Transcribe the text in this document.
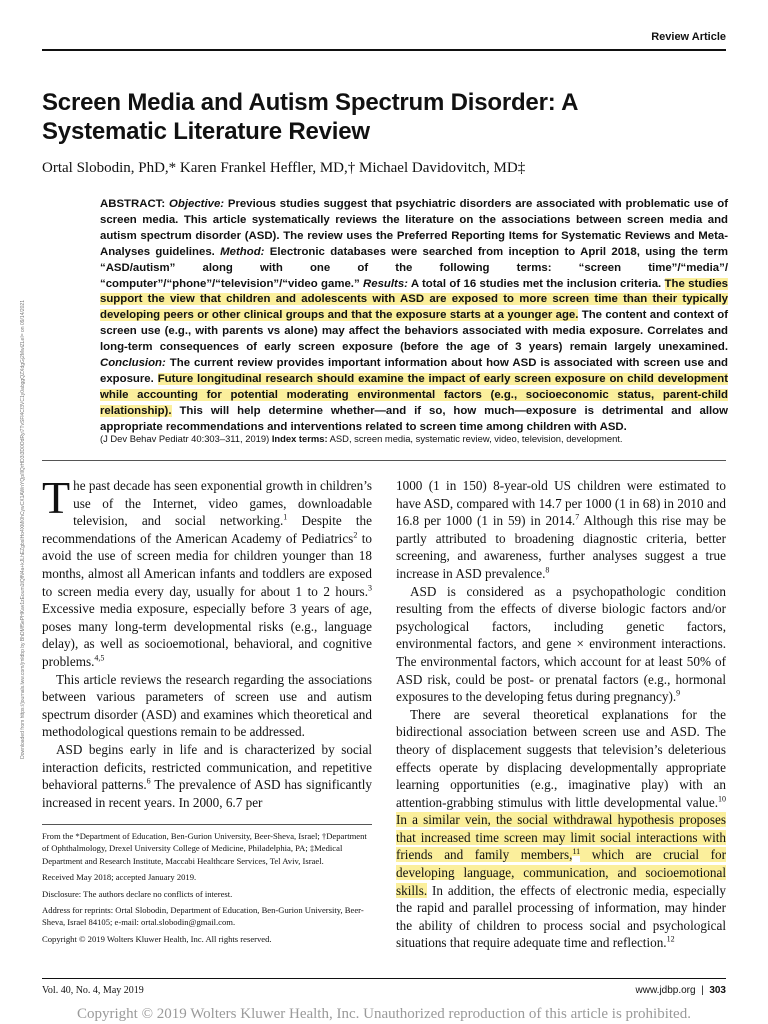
Review Article
Screen Media and Autism Spectrum Disorder: A Systematic Literature Review
Ortal Slobodin, PhD,* Karen Frankel Heffler, MD,† Michael Davidovitch, MD‡
Downloaded from https://journals.lww.com/jrnldbp by BhDMf5ePHKav1zEoum1tQfN4a+kJLhEZgbsIHo4XMi0hCywCX1AWnYQp/IlQrHD3i3D0OdRyi7TvSFl4Cf3VC1y0abggQZXdgGj2MwlZLeI= on 09/14/2021
ABSTRACT: Objective: Previous studies suggest that psychiatric disorders are associated with problematic use of screen media. This article systematically reviews the literature on the associations between screen media and autism spectrum disorder (ASD). The review uses the Preferred Reporting Items for Systematic Reviews and Meta-Analyses guidelines. Method: Electronic databases were searched from inception to April 2018, using the term “ASD/autism” along with one of the following terms: “screen time”/“media”/ “computer”/“phone”/“television”/“video game.” Results: A total of 16 studies met the inclusion criteria. The studies support the view that children and adolescents with ASD are exposed to more screen time than their typically developing peers or other clinical groups and that the exposure starts at a younger age. The content and context of screen use (e.g., with parents vs alone) may affect the behaviors associated with media exposure. Correlates and long-term consequences of early screen exposure (before the age of 3 years) remain largely unexamined. Conclusion: The current review provides important information about how ASD is associated with screen use and exposure. Future longitudinal research should examine the impact of early screen exposure on child development while accounting for potential moderating environmental factors (e.g., socioeconomic status, parent-child relationship). This will help determine whether—and if so, how much—exposure is detrimental and allow appropriate recommendations and interventions related to screen time among children with ASD.
(J Dev Behav Pediatr 40:303–311, 2019) Index terms: ASD, screen media, systematic review, video, television, development.

The past decade has seen exponential growth in children’s use of the Internet, video games, downloadable television, and social networking.$^1$ Despite the recommendations of the American Academy of Pediatrics$^2$ to avoid the use of screen media for children younger than 18 months, almost all American infants and toddlers are exposed to screen media every day, usually for about 1 to 2 hours.$^3$ Excessive media exposure, especially before 3 years of age, poses many long-term developmental risks (e.g., language delay), as well as socioemotional, behavioral, and cognitive problems.$^{4,5}$

This article reviews the research regarding the associations between various parameters of screen use and autism spectrum disorder (ASD) and examines which theoretical and methodological questions remain to be addressed.

ASD begins early in life and is characterized by social interaction deficits, restricted communication, and repetitive behavioral patterns.$^6$ The prevalence of ASD has significantly increased in recent years. In 2000, 6.7 per

1000 (1 in 150) 8-year-old US children were estimated to have ASD, compared with 14.7 per 1000 (1 in 68) in 2010 and 16.8 per 1000 (1 in 59) in 2014.$^7$ Although this rise may be partly attributed to broadening diagnostic criteria, better screening, and awareness, further analyses suggest a true increase in ASD prevalence.$^8$

ASD is considered as a psychopathologic condition resulting from the effects of diverse biologic factors and/or psychological factors, including genetic factors, environmental factors, and gene × environment interactions. The environmental factors, which account for at least 50% of ASD risk, could be post- or prenatal factors (e.g., hormonal exposures to the developing fetus during pregnancy).$^9$

There are several theoretical explanations for the bidirectional association between screen use and ASD. The theory of displacement suggests that television’s deleterious effects operate by displacing developmentally appropriate learning opportunities (e.g., imaginative play) with an attention-grabbing stimulus with little developmental value.$^{10}$ In a similar vein, the social withdrawal hypothesis proposes that increased time screen may limit social interactions with friends and family members,$^{11}$ which are crucial for developing language, communication, and socioemotional skills. In addition, the effects of electronic media, especially the rapid and parallel processing of information, may hinder the ability of children to process social and psychological situations that require adequate time and reflection.$^{12}$

From the *Department of Education, Ben-Gurion University, Beer-Sheva, Israel; †Department of Ophthalmology, Drexel University College of Medicine, Philadelphia, PA; ‡Medical Department and Research Institute, Maccabi Healthcare Services, Tel Aviv, Israel.

Received May 2018; accepted January 2019.

Disclosure: The authors declare no conflicts of interest.

Address for reprints: Ortal Slobodin, Department of Education, Ben-Gurion University, Beer-Sheva, Israel 84105; e-mail: ortal.slobodin@gmail.com.

Copyright © 2019 Wolters Kluwer Health, Inc. All rights reserved.

Vol. 40, No. 4, May 2019	www.jdbp.org | 303
Copyright © 2019 Wolters Kluwer Health, Inc. Unauthorized reproduction of this article is prohibited.
